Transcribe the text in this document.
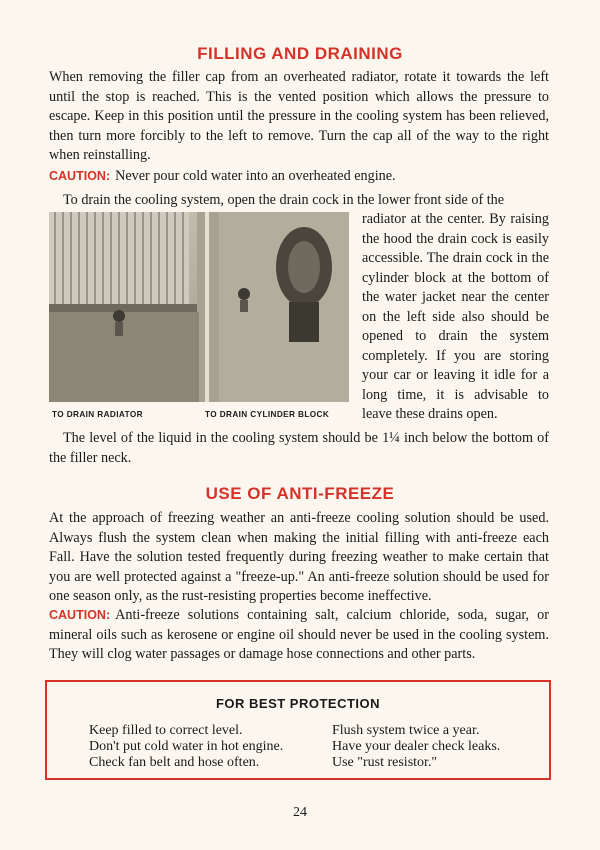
FILLING AND DRAINING

When removing the filler cap from an overheated radiator, rotate it towards the left until the stop is reached. This is the vented position which allows the pressure to escape. Keep in this position until the pressure in the cooling system has been relieved, then turn more forcibly to the left to remove. Turn the cap all of the way to the right when reinstalling.

CAUTION: Never pour cold water into an overheated engine.

To drain the cooling system, open the drain cock in the lower front side of the

radiator at the center. By raising the hood the drain cock is easily accessible. The drain cock in the cylinder block at the bottom of the water jacket near the center on the left side also should be opened to drain the system completely. If you are storing your car or leaving it idle for a long time, it is advisable to leave these drains open.

TO DRAIN RADIATOR	TO DRAIN CYLINDER BLOCK

The level of the liquid in the cooling system should be 1¼ inch below the bottom of the filler neck.

USE OF ANTI-FREEZE

At the approach of freezing weather an anti-freeze cooling solution should be used. Always flush the system clean when making the initial filling with anti-freeze each Fall. Have the solution tested frequently during freezing weather to make certain that you are well protected against a "freeze-up." An anti-freeze solution should be used for one season only, as the rust-resisting properties become ineffective.

CAUTION: Anti-freeze solutions containing salt, calcium chloride, soda, sugar, or mineral oils such as kerosene or engine oil should never be used in the cooling system. They will clog water passages or damage hose connections and other parts.

FOR BEST PROTECTION
Keep filled to correct level.
Don't put cold water in hot engine.
Check fan belt and hose often.
Flush system twice a year.
Have your dealer check leaks.
Use "rust resistor."
24
